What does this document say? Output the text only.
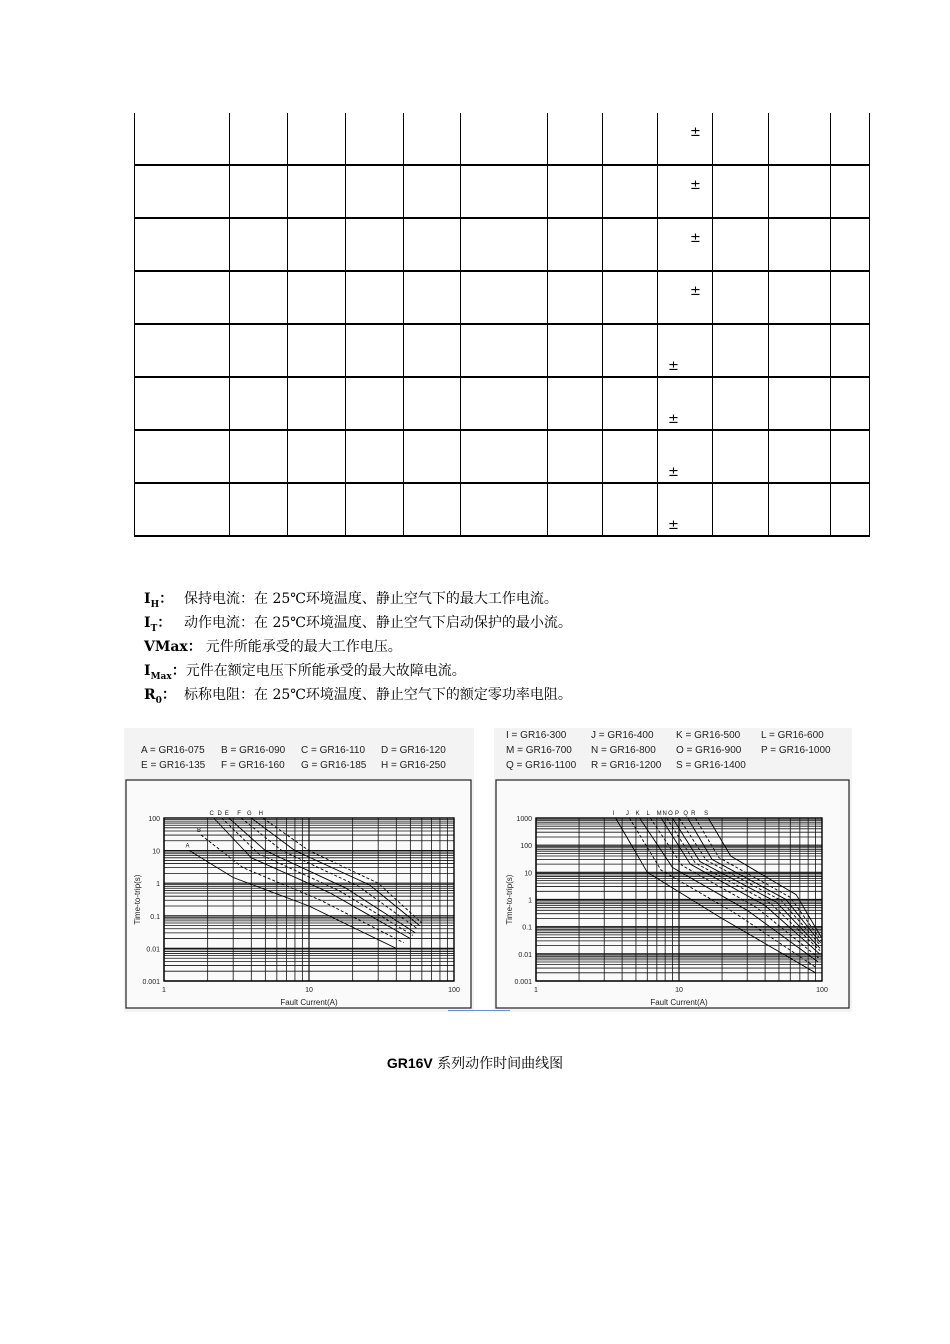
								±			

								±			

								±			

								±			

								±			

								±			

								±			

								±			

$I_H$： 保持电流：在 25℃环境温度、静止空气下的最大工作电流。
$I_T$： 动作电流：在 25℃环境温度、静止空气下启动保护的最小流。
VMax： 元件所能承受的最大工作电压。
$I_{Max}$：元件在额定电压下所能承受的最大故障电流。
$R_0$： 标称电阻：在 25℃环境温度、静止空气下的额定零功率电阻。
A = GR16-075 B = GR16-090 C = GR16-110 D = GR16-120
E = GR16-135 F = GR16-160 G = GR16-185 H = GR16-250
1	10	100
0.001
0.01
0.1
1
10
100
Fault Current(A)
Time-to-trip(s)
A
B
C D E F G H
I = GR16-300 J = GR16-400 K = GR16-500 L = GR16-600
M = GR16-700 N = GR16-800 O = GR16-900 P = GR16-1000
Q = GR16-1100 R = GR16-1200 S = GR16-1400
1	10	100
0.001
0.01
0.1
1
10
100
1000
Fault Current(A)
Time-to-trip(s)
I J K L M N O P Q R S
GR16V 系列动作时间曲线图
